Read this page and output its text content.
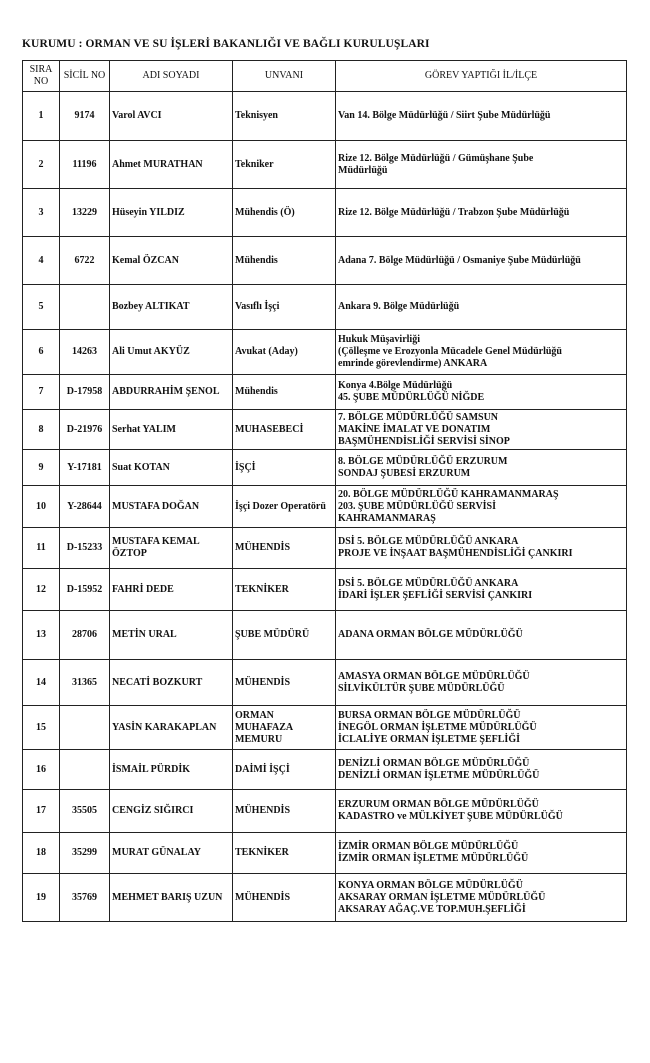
KURUMU : ORMAN VE SU İŞLERİ BAKANLIĞI VE BAĞLI KURULUŞLARI
SIRA NO	SİCİL NO	ADI SOYADI	UNVANI	GÖREV YAPTIĞI İL/İLÇE
1	9174	Varol AVCI	Teknisyen	Van 14. Bölge Müdürlüğü / Siirt Şube Müdürlüğü

2	11196	Ahmet MURATHAN	Tekniker	Rize 12. Bölge Müdürlüğü / Gümüşhane Şube
Müdürlüğü

3	13229	Hüseyin YILDIZ	Mühendis (Ö)	Rize 12. Bölge Müdürlüğü / Trabzon Şube Müdürlüğü

4	6722	Kemal ÖZCAN	Mühendis	Adana 7. Bölge Müdürlüğü / Osmaniye Şube Müdürlüğü

5		Bozbey ALTIKAT	Vasıflı İşçi	Ankara 9. Bölge Müdürlüğü

6	14263	Ali Umut AKYÜZ	Avukat (Aday)	Hukuk Müşavirliği
(Çölleşme ve Erozyonla Mücadele Genel Müdürlüğü
emrinde görevlendirme) ANKARA

7	D-17958	ABDURRAHİM ŞENOL	Mühendis	Konya 4.Bölge Müdürlüğü
45. ŞUBE MÜDÜRLÜĞÜ NİĞDE

8	D-21976	Serhat YALIM	MUHASEBECİ	7. BÖLGE MÜDÜRLÜĞÜ SAMSUN
MAKİNE İMALAT VE DONATIM
BAŞMÜHENDİSLİĞİ SERVİSİ SİNOP

9	Y-17181	Suat KOTAN	İŞÇİ	8. BÖLGE MÜDÜRLÜĞÜ ERZURUM
SONDAJ ŞUBESİ ERZURUM

10	Y-28644	MUSTAFA DOĞAN	İşçi Dozer Operatörü	20. BÖLGE MÜDÜRLÜĞÜ KAHRAMANMARAŞ
203. ŞUBE MÜDÜRLÜĞÜ SERVİSİ
KAHRAMANMARAŞ

11	D-15233	MUSTAFA KEMAL ÖZTOP	MÜHENDİS	DSİ 5. BÖLGE MÜDÜRLÜĞÜ ANKARA
PROJE VE İNŞAAT BAŞMÜHENDİSLİĞİ ÇANKIRI

12	D-15952	FAHRİ DEDE	TEKNİKER	DSİ 5. BÖLGE MÜDÜRLÜĞÜ ANKARA
İDARİ İŞLER ŞEFLİĞİ SERVİSİ ÇANKIRI

13	28706	METİN URAL	ŞUBE MÜDÜRÜ	ADANA ORMAN BÖLGE MÜDÜRLÜĞÜ

14	31365	NECATİ BOZKURT	MÜHENDİS	AMASYA ORMAN BÖLGE MÜDÜRLÜĞÜ
SİLVİKÜLTÜR ŞUBE MÜDÜRLÜĞÜ

15		YASİN KARAKAPLAN	ORMAN MUHAFAZA MEMURU	BURSA ORMAN BÖLGE MÜDÜRLÜĞÜ
İNEGÖL ORMAN İŞLETME MÜDÜRLÜĞÜ
İCLALİYE ORMAN İŞLETME ŞEFLİĞİ

16		İSMAİL PÜRDİK	DAİMİ İŞÇİ	DENİZLİ ORMAN BÖLGE MÜDÜRLÜĞÜ
DENİZLİ ORMAN İŞLETME MÜDÜRLÜĞÜ

17	35505	CENGİZ SIĞIRCI	MÜHENDİS	ERZURUM ORMAN BÖLGE MÜDÜRLÜĞÜ
KADASTRO ve MÜLKİYET ŞUBE MÜDÜRLÜĞÜ

18	35299	MURAT GÜNALAY	TEKNİKER	İZMİR ORMAN BÖLGE MÜDÜRLÜĞÜ
İZMİR ORMAN İŞLETME MÜDÜRLÜĞÜ

19	35769	MEHMET BARIŞ UZUN	MÜHENDİS	KONYA ORMAN BÖLGE MÜDÜRLÜĞÜ
AKSARAY ORMAN İŞLETME MÜDÜRLÜĞÜ
AKSARAY AĞAÇ.VE TOP.MUH.ŞEFLİĞİ
